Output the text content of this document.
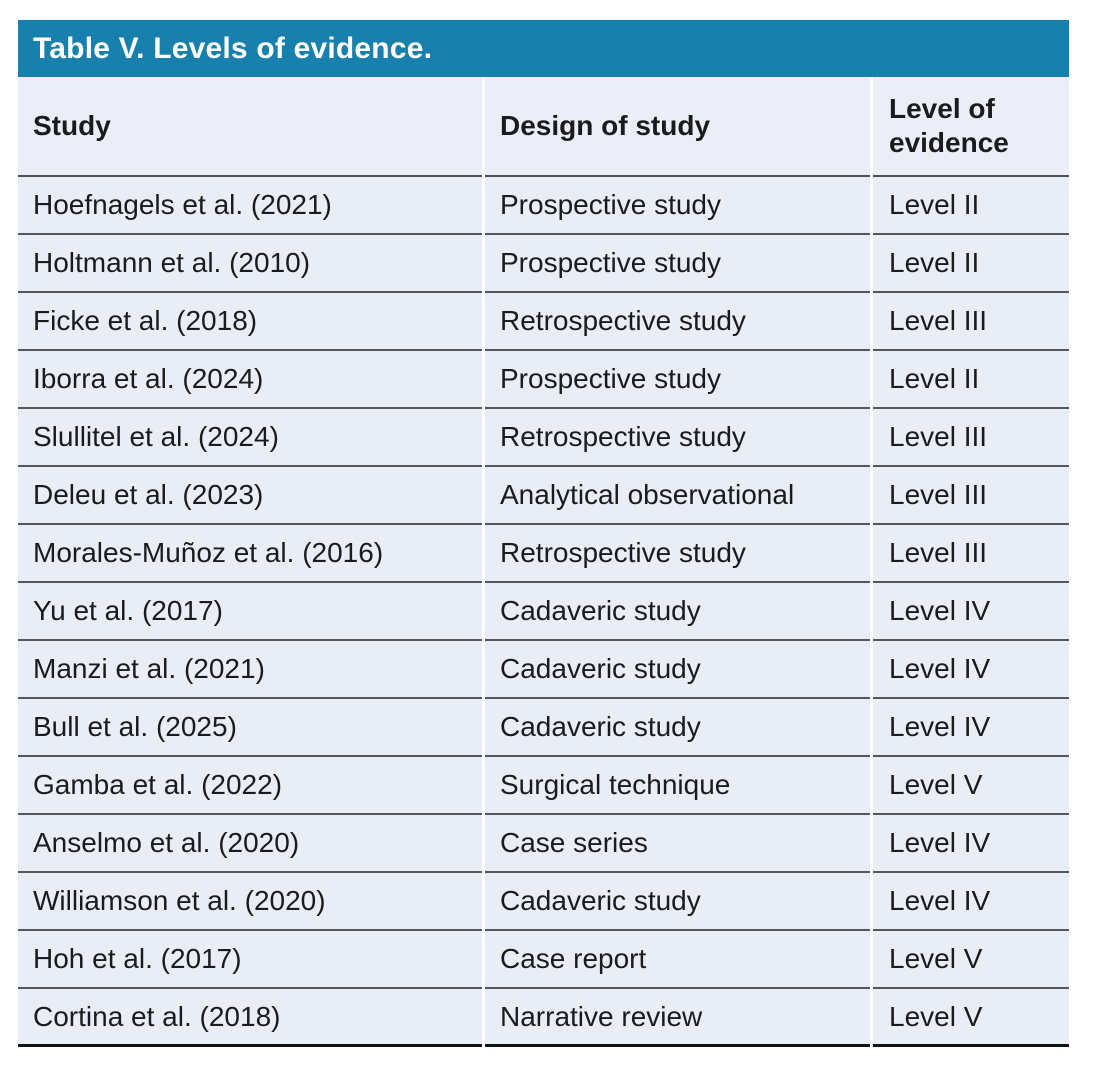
Table V. Levels of evidence.
Study	Design of study	Level of evidence
Hoefnagels et al. (2021)	Prospective study	Level II
Holtmann et al. (2010)	Prospective study	Level II
Ficke et al. (2018)	Retrospective study	Level III
Iborra et al. (2024)	Prospective study	Level II
Slullitel et al. (2024)	Retrospective study	Level III
Deleu et al. (2023)	Analytical observational	Level III
Morales-Muñoz et al. (2016)	Retrospective study	Level III
Yu et al. (2017)	Cadaveric study	Level IV
Manzi et al. (2021)	Cadaveric study	Level IV
Bull et al. (2025)	Cadaveric study	Level IV
Gamba et al. (2022)	Surgical technique	Level V
Anselmo et al. (2020)	Case series	Level IV
Williamson et al. (2020)	Cadaveric study	Level IV
Hoh et al. (2017)	Case report	Level V
Cortina et al. (2018)	Narrative review	Level V
